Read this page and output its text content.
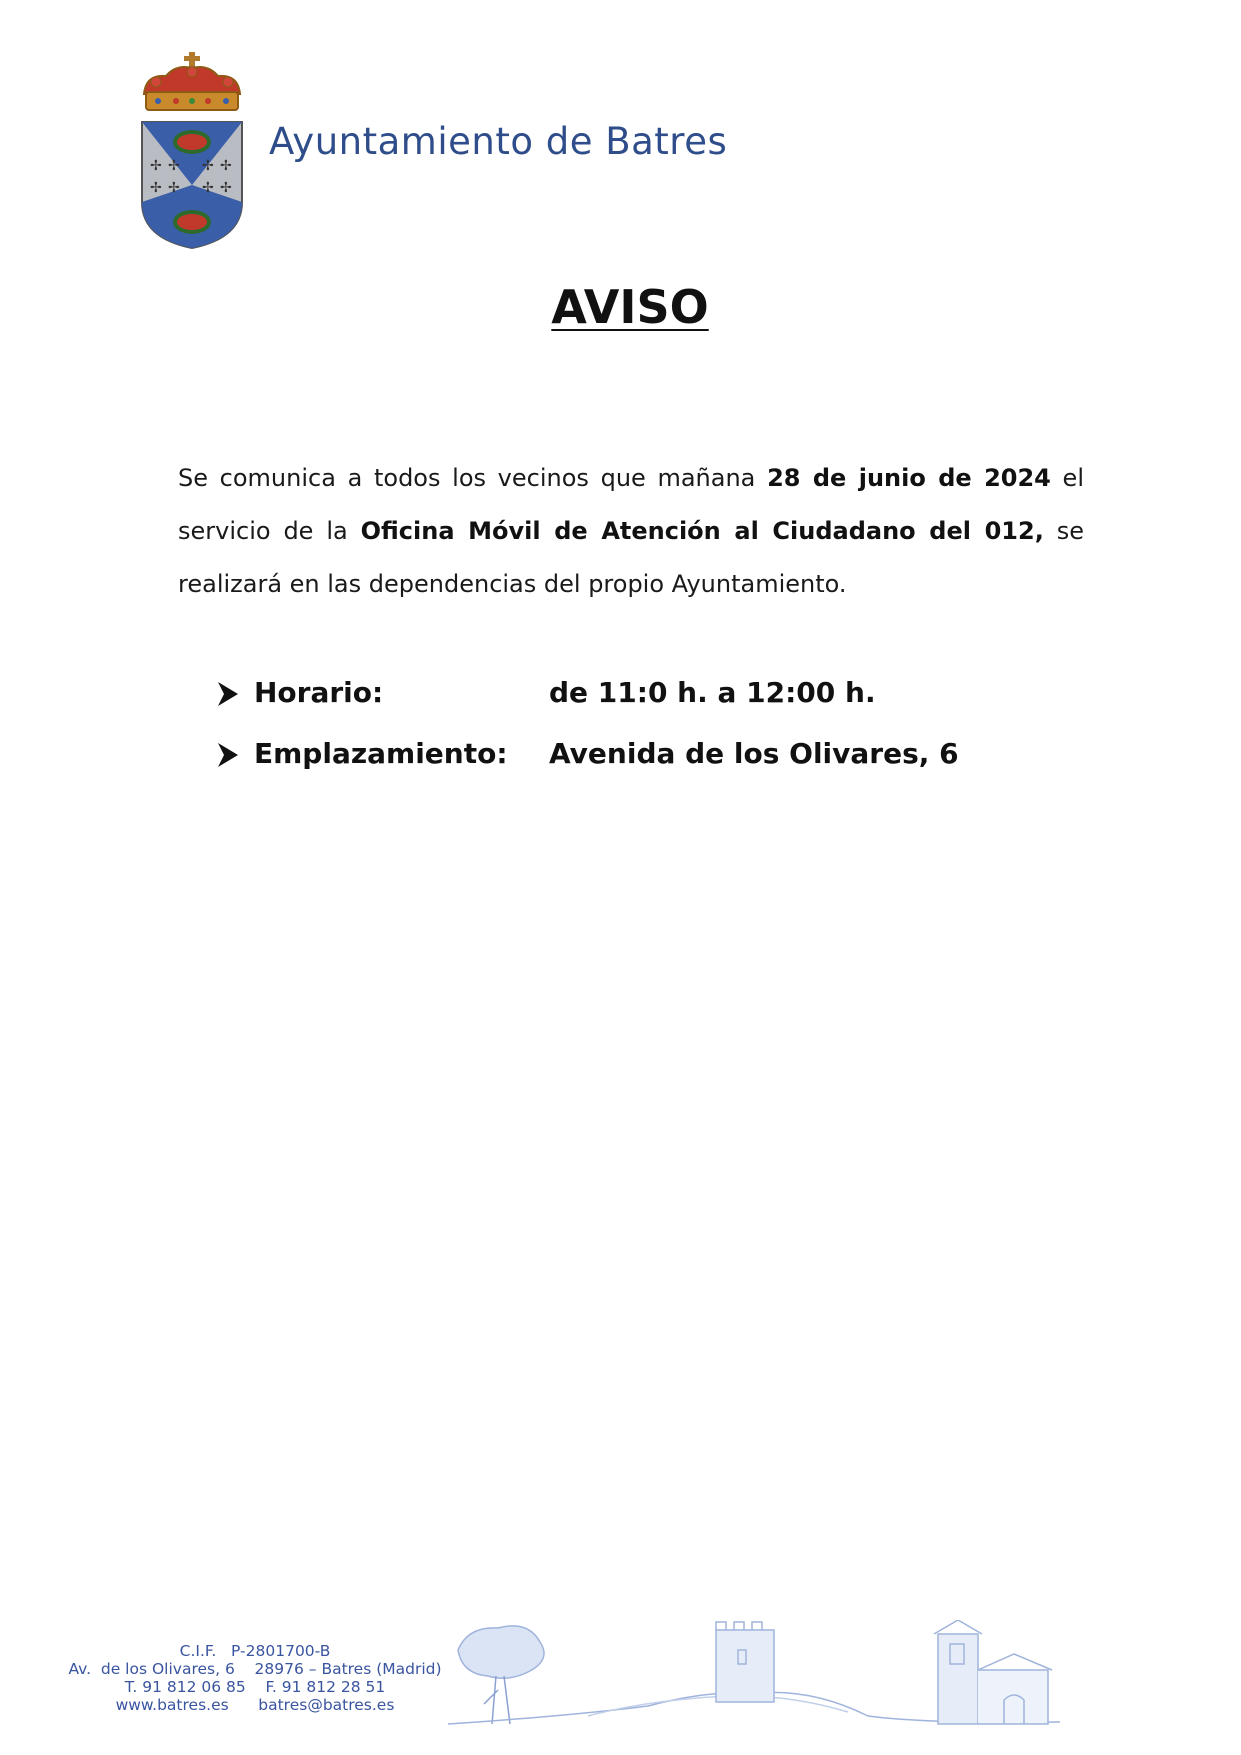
✢ ✢
✢ ✢
✢ ✢
✢ ✢
Ayuntamiento de Batres
AVISO
Se comunica a todos los vecinos que mañana 28 de junio de 2024 el servicio de la Oficina Móvil de Atención al Ciudadano del 012, se realizará en las dependencias del propio Ayuntamiento.
Horario:	de 11:0 h. a 12:00 h.
Emplazamiento: Avenida de los Olivares, 6
C.I.F.   P-2801700-B
Av.  de los Olivares, 6    28976 – Batres (Madrid)
T. 91 812 06 85    F. 91 812 28 51
www.batres.es      batres@batres.es
